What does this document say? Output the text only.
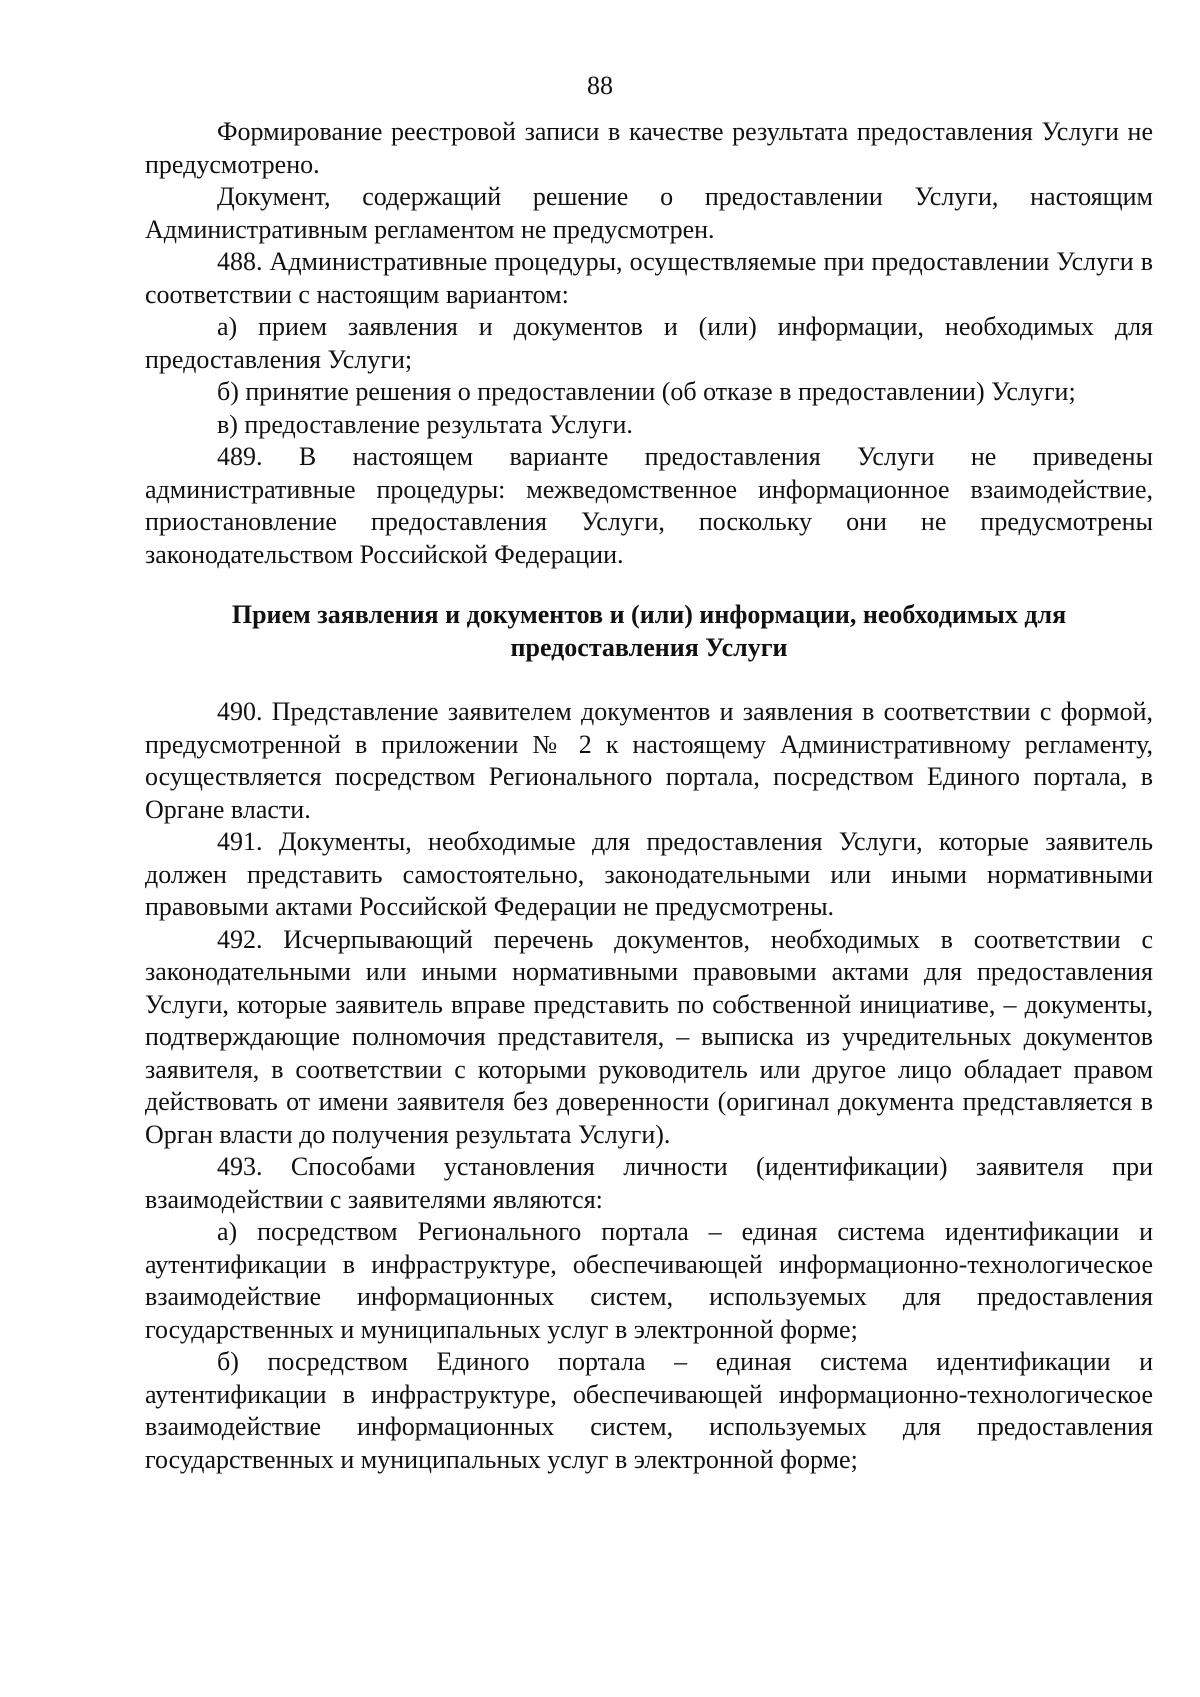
88

Формирование реестровой записи в качестве результата предоставления Услуги не предусмотрено.

Документ, содержащий решение о предоставлении Услуги, настоящим Административным регламентом не предусмотрен.

488. Административные процедуры, осуществляемые при предоставлении Услуги в соответствии с настоящим вариантом:

а) прием заявления и документов и (или) информации, необходимых для предоставления Услуги;

б) принятие решения о предоставлении (об отказе в предоставлении) Услуги;

в) предоставление результата Услуги.

489. В настоящем варианте предоставления Услуги не приведены административные процедуры: межведомственное информационное взаимодействие, приостановление предоставления Услуги, поскольку они не предусмотрены законодательством Российской Федерации.

Прием заявления и документов и (или) информации, необходимых для
предоставления Услуги

490. Представление заявителем документов и заявления в соответствии с формой, предусмотренной в приложении № 2 к настоящему Административному регламенту, осуществляется посредством Регионального портала, посредством Единого портала, в Органе власти.

491. Документы, необходимые для предоставления Услуги, которые заявитель должен представить самостоятельно, законодательными или иными нормативными правовыми актами Российской Федерации не предусмотрены.

492. Исчерпывающий перечень документов, необходимых в соответствии с законодательными или иными нормативными правовыми актами для предоставления Услуги, которые заявитель вправе представить по собственной инициативе, – документы, подтверждающие полномочия представителя, – выписка из учредительных документов заявителя, в соответствии с которыми руководитель или другое лицо обладает правом действовать от имени заявителя без доверенности (оригинал документа представляется в Орган власти до получения результата Услуги).

493. Способами установления личности (идентификации) заявителя при взаимодействии с заявителями являются:

а) посредством Регионального портала – единая система идентификации и аутентификации в инфраструктуре, обеспечивающей информационно-технологическое взаимодействие информационных систем, используемых для предоставления государственных и муниципальных услуг в электронной форме;

б) посредством Единого портала – единая система идентификации и аутентификации в инфраструктуре, обеспечивающей информационно-технологическое взаимодействие информационных систем, используемых для предоставления государственных и муниципальных услуг в электронной форме;
